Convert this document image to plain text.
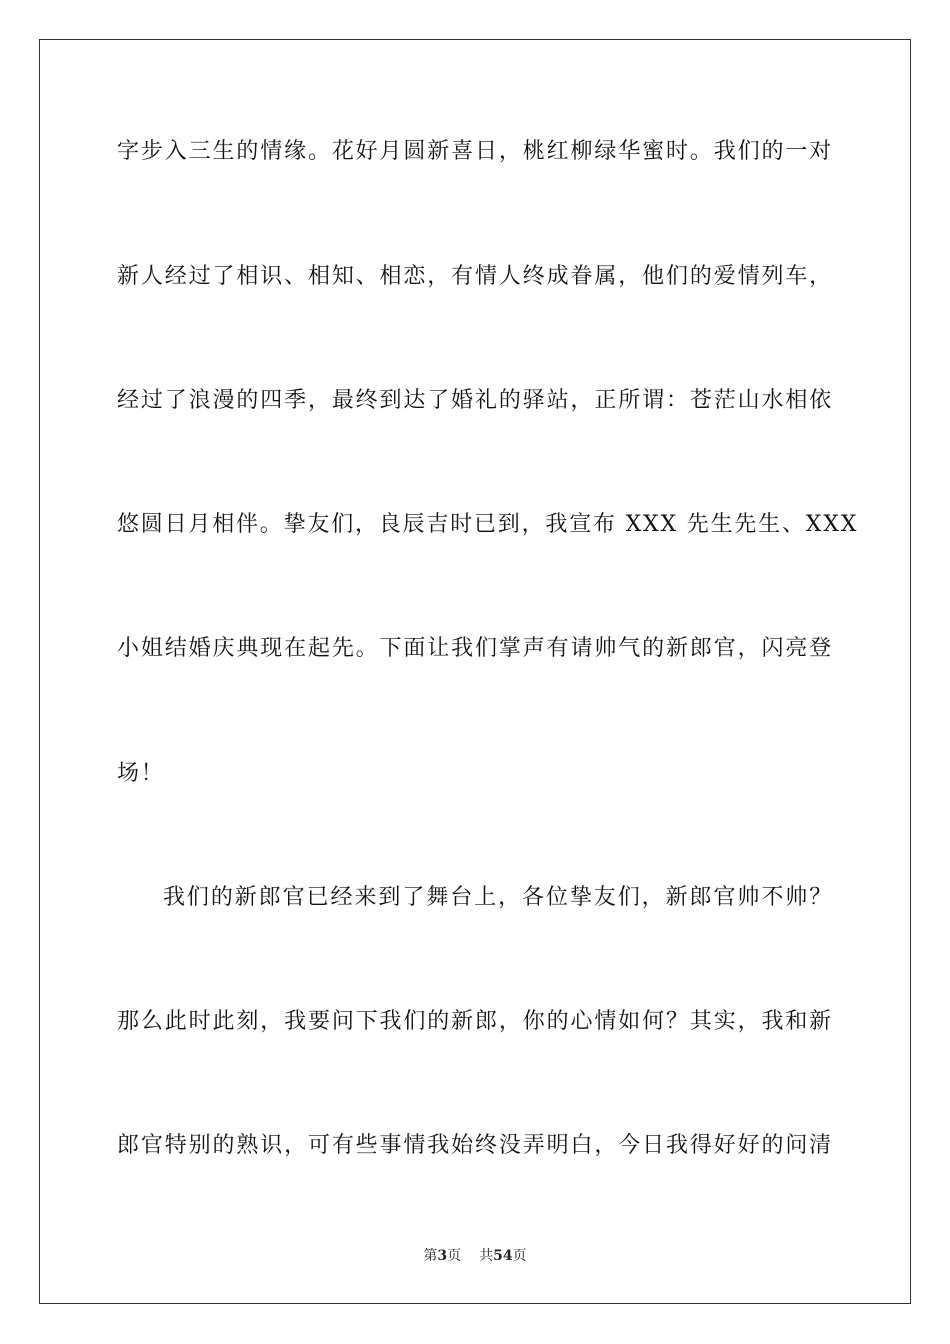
字步入三生的情缘。花好月圆新喜日，桃红柳绿华蜜时。我们的一对
新人经过了相识、相知、相恋，有情人终成眷属，他们的爱情列车，
经过了浪漫的四季，最终到达了婚礼的驿站，正所谓：苍茫山水相依
悠圆日月相伴。挚友们，良辰吉时已到，我宣布 XXX 先生先生、XXX
小姐结婚庆典现在起先。下面让我们掌声有请帅气的新郎官，闪亮登
场！
我们的新郎官已经来到了舞台上，各位挚友们，新郎官帅不帅？
那么此时此刻，我要问下我们的新郎，你的心情如何？其实，我和新
郎官特别的熟识，可有些事情我始终没弄明白，今日我得好好的问清
第3页 共54页
